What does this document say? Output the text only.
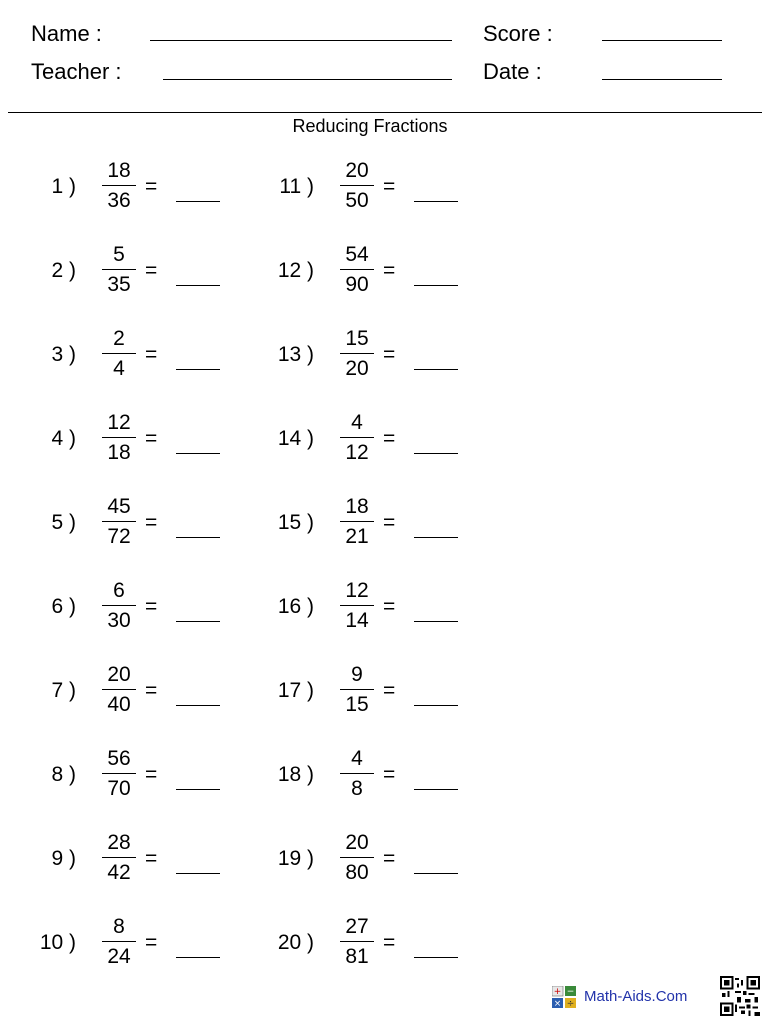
Name :
Teacher :
Score :
Date :
Reducing Fractions
1 )
18
36
=
2 )
5
35
=
3 )
2
4
=
4 )
12
18
=
5 )
45
72
=
6 )
6
30
=
7 )
20
40
=
8 )
56
70
=
9 )
28
42
=
10 )
8
24
=
11 )
20
50
=
12 )
54
90
=
13 )
15
20
=
14 )
4
12
=
15 )
18
21
=
16 )
12
14
=
17 )
9
15
=
18 )
4
8
=
19 )
20
80
=
20 )
27
81
=
+ −
× ÷ Math-Aids.Com
